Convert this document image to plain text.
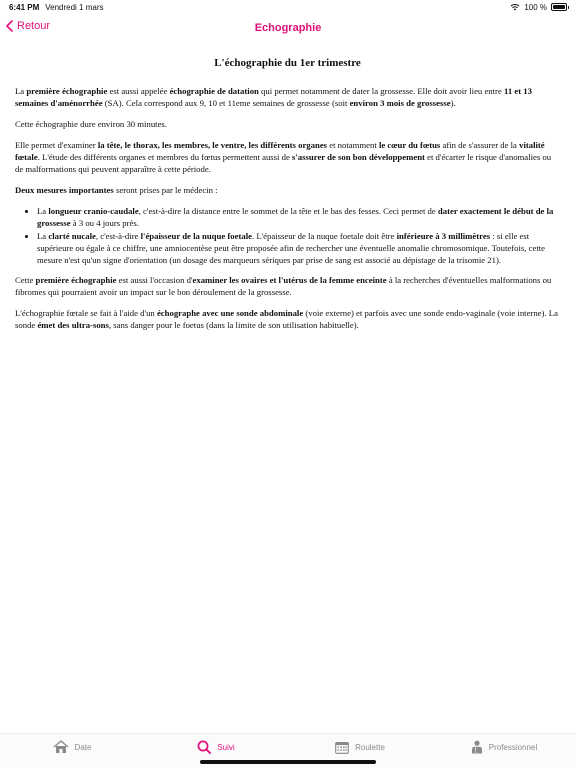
6:41 PM Vendredi 1 mars	100 %
Retour	Echographie
L'échographie du 1er trimestre

La première échographie est aussi appelée échographie de datation qui permet notamment de dater la grossesse. Elle doit avoir lieu entre 11 et 13 semaines d'aménorrhée (SA). Cela correspond aux 9, 10 et 11eme semaines de grossesse (soit environ 3 mois de grossesse).

Cette échographie dure environ 30 minutes.

Elle permet d'examiner la tête, le thorax, les membres, le ventre, les différents organes et notamment le cœur du fœtus afin de s'assurer de la vitalité fœtale. L'étude des différents organes et membres du fœtus permettent aussi de s'assurer de son bon développement et d'écarter le risque d'anomalies ou de malformations qui peuvent apparaître à cette période.

Deux mesures importantes seront prises par le médecin :

• La longueur cranio-caudale, c'est-à-dire la distance entre le sommet de la tête et le bas des fesses. Ceci permet de dater exactement le début de la grossesse à 3 ou 4 jours près.
• La clarté nucale, c'est-à-dire l'épaisseur de la nuque foetale. L'épaisseur de la nuque foetale doit être inférieure à 3 millimètres : si elle est supérieure ou égale à ce chiffre, une amniocentèse peut être proposée afin de rechercher une éventuelle anomalie chromosomique. Toutefois, cette mesure n'est qu'un signe d'orientation (un dosage des marqueurs sériques par prise de sang est associé au dépistage de la trisomie 21).

Cette première échographie est aussi l'occasion d'examiner les ovaires et l'utérus de la femme enceinte à la recherches d'éventuelles malformations ou fibromes qui pourraient avoir un impact sur le bon déroulement de la grossesse.

L'échographie fœtale se fait à l'aide d'un échographe avec une sonde abdominale (voie externe) et parfois avec une sonde endo-vaginale (voie interne). La sonde émet des ultra-sons, sans danger pour le foetus (dans la limite de son utilisation habituelle).

Date	Suivi	Roulette	Professionnel
